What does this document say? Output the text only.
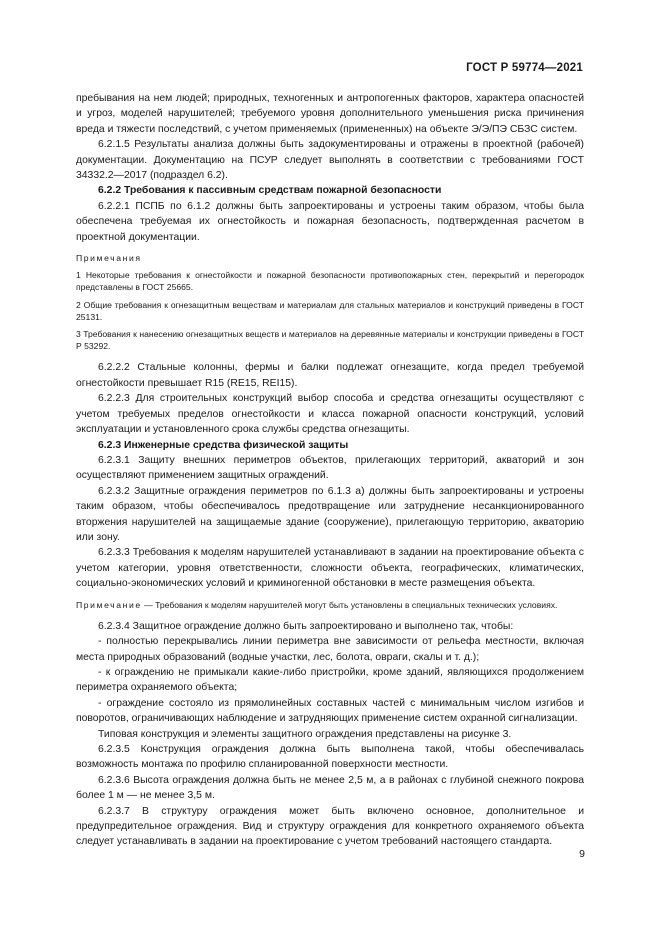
ГОСТ Р 59774—2021

пребывания на нем людей; природных, техногенных и антропогенных факторов, характера опасностей и угроз, моделей нарушителей; требуемого уровня дополнительного уменьшения риска причинения вреда и тяжести последствий, с учетом применяемых (примененных) на объекте Э/Э/ПЭ СБЗС систем.

6.2.1.5 Результаты анализа должны быть задокументированы и отражены в проектной (рабочей) документации. Документацию на ПСУР следует выполнять в соответствии с требованиями ГОСТ 34332.2—2017 (подраздел 6.2).

6.2.2 Требования к пассивным средствам пожарной безопасности

6.2.2.1 ПСПБ по 6.1.2 должны быть запроектированы и устроены таким образом, чтобы была обеспечена требуемая их огнестойкость и пожарная безопасность, подтвержденная расчетом в проектной документации.

Примечания

1 Некоторые требования к огнестойкости и пожарной безопасности противопожарных стен, перекрытий и перегородок представлены в ГОСТ 25665.

2 Общие требования к огнезащитным веществам и материалам для стальных материалов и конструкций приведены в ГОСТ 25131.

3 Требования к нанесению огнезащитных веществ и материалов на деревянные материалы и конструкции приведены в ГОСТ Р 53292.

6.2.2.2 Стальные колонны, фермы и балки подлежат огнезащите, когда предел требуемой огнестойкости превышает R15 (RE15, REI15).

6.2.2.3 Для строительных конструкций выбор способа и средства огнезащиты осуществляют с учетом требуемых пределов огнестойкости и класса пожарной опасности конструкций, условий эксплуатации и установленного срока службы средства огнезащиты.

6.2.3 Инженерные средства физической защиты

6.2.3.1 Защиту внешних периметров объектов, прилегающих территорий, акваторий и зон осуществляют применением защитных ограждений.

6.2.3.2 Защитные ограждения периметров по 6.1.3 а) должны быть запроектированы и устроены таким образом, чтобы обеспечивалось предотвращение или затруднение несанкционированного вторжения нарушителей на защищаемые здание (сооружение), прилегающую территорию, акваторию или зону.

6.2.3.3 Требования к моделям нарушителей устанавливают в задании на проектирование объекта с учетом категории, уровня ответственности, сложности объекта, географических, климатических, социально-экономических условий и криминогенной обстановки в месте размещения объекта.

Примечание — Требования к моделям нарушителей могут быть установлены в специальных технических условиях.

6.2.3.4 Защитное ограждение должно быть запроектировано и выполнено так, чтобы:

- полностью перекрывались линии периметра вне зависимости от рельефа местности, включая места природных образований (водные участки, лес, болота, овраги, скалы и т. д.);

- к ограждению не примыкали какие-либо пристройки, кроме зданий, являющихся продолжением периметра охраняемого объекта;

- ограждение состояло из прямолинейных составных частей с минимальным числом изгибов и поворотов, ограничивающих наблюдение и затрудняющих применение систем охранной сигнализации.

Типовая конструкция и элементы защитного ограждения представлены на рисунке 3.

6.2.3.5 Конструкция ограждения должна быть выполнена такой, чтобы обеспечивалась возможность монтажа по профилю спланированной поверхности местности.

6.2.3.6 Высота ограждения должна быть не менее 2,5 м, а в районах с глубиной снежного покрова более 1 м — не менее 3,5 м.

6.2.3.7 В структуру ограждения может быть включено основное, дополнительное и предупредительное ограждения. Вид и структуру ограждения для конкретного охраняемого объекта следует устанавливать в задании на проектирование с учетом требований настоящего стандарта.

9
